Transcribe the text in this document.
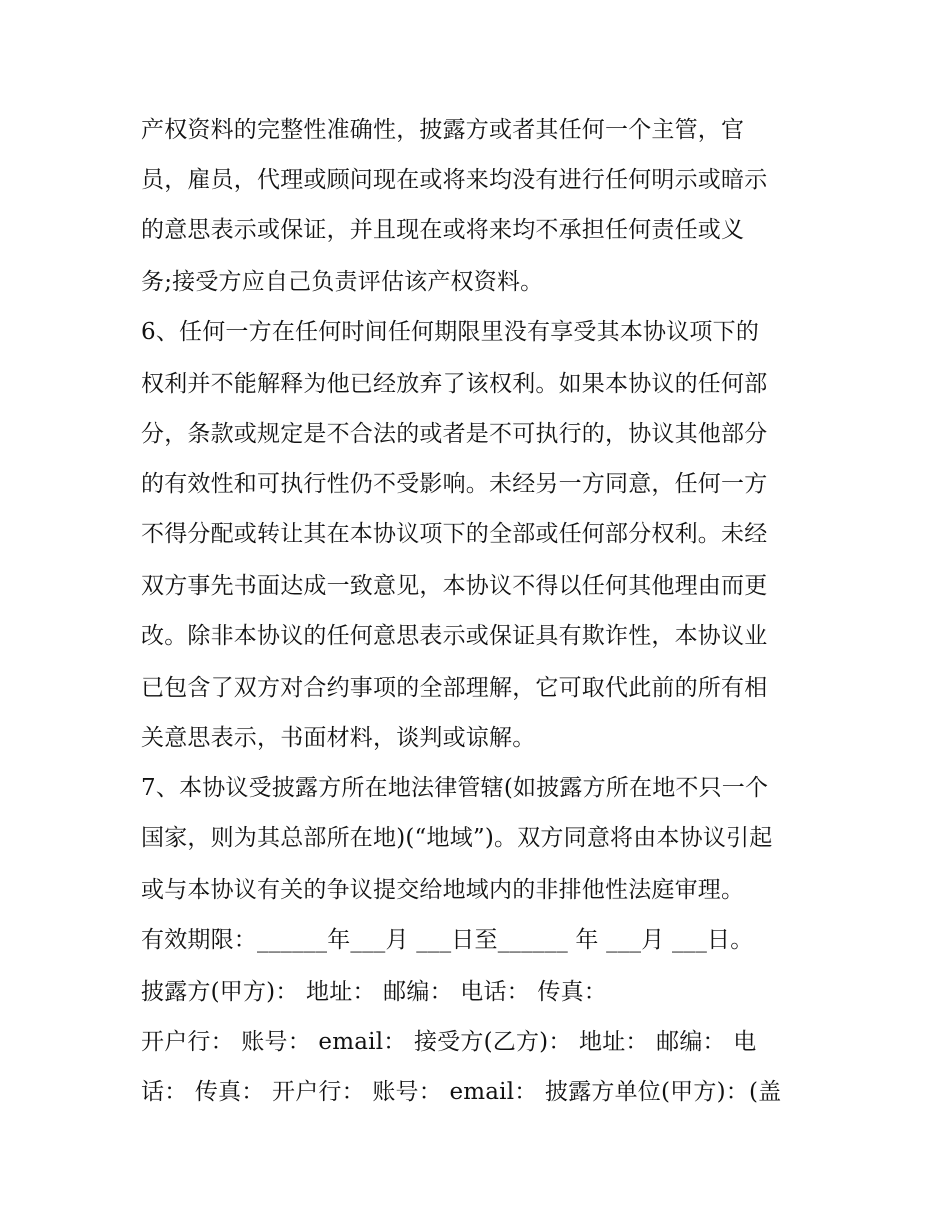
产权资料的完整性准确性，披露方或者其任何一个主管，官
员，雇员，代理或顾问现在或将来均没有进行任何明示或暗示
的意思表示或保证，并且现在或将来均不承担任何责任或义
务;接受方应自己负责评估该产权资料。
6、任何一方在任何时间任何期限里没有享受其本协议项下的
权利并不能解释为他已经放弃了该权利。如果本协议的任何部
分，条款或规定是不合法的或者是不可执行的，协议其他部分
的有效性和可执行性仍不受影响。未经另一方同意，任何一方
不得分配或转让其在本协议项下的全部或任何部分权利。未经
双方事先书面达成一致意见，本协议不得以任何其他理由而更
改。除非本协议的任何意思表示或保证具有欺诈性，本协议业
已包含了双方对合约事项的全部理解，它可取代此前的所有相
关意思表示，书面材料，谈判或谅解。
7、本协议受披露方所在地法律管辖(如披露方所在地不只一个
国家，则为其总部所在地)(“地域”)。双方同意将由本协议引起
或与本协议有关的争议提交给地域内的非排他性法庭审理。
有效期限：______年___月 ___日至______ 年 ___月 ___日。
披露方(甲方)： 地址： 邮编： 电话： 传真：
开户行： 账号： email： 接受方(乙方)： 地址： 邮编： 电
话： 传真： 开户行： 账号： email： 披露方单位(甲方)：(盖
